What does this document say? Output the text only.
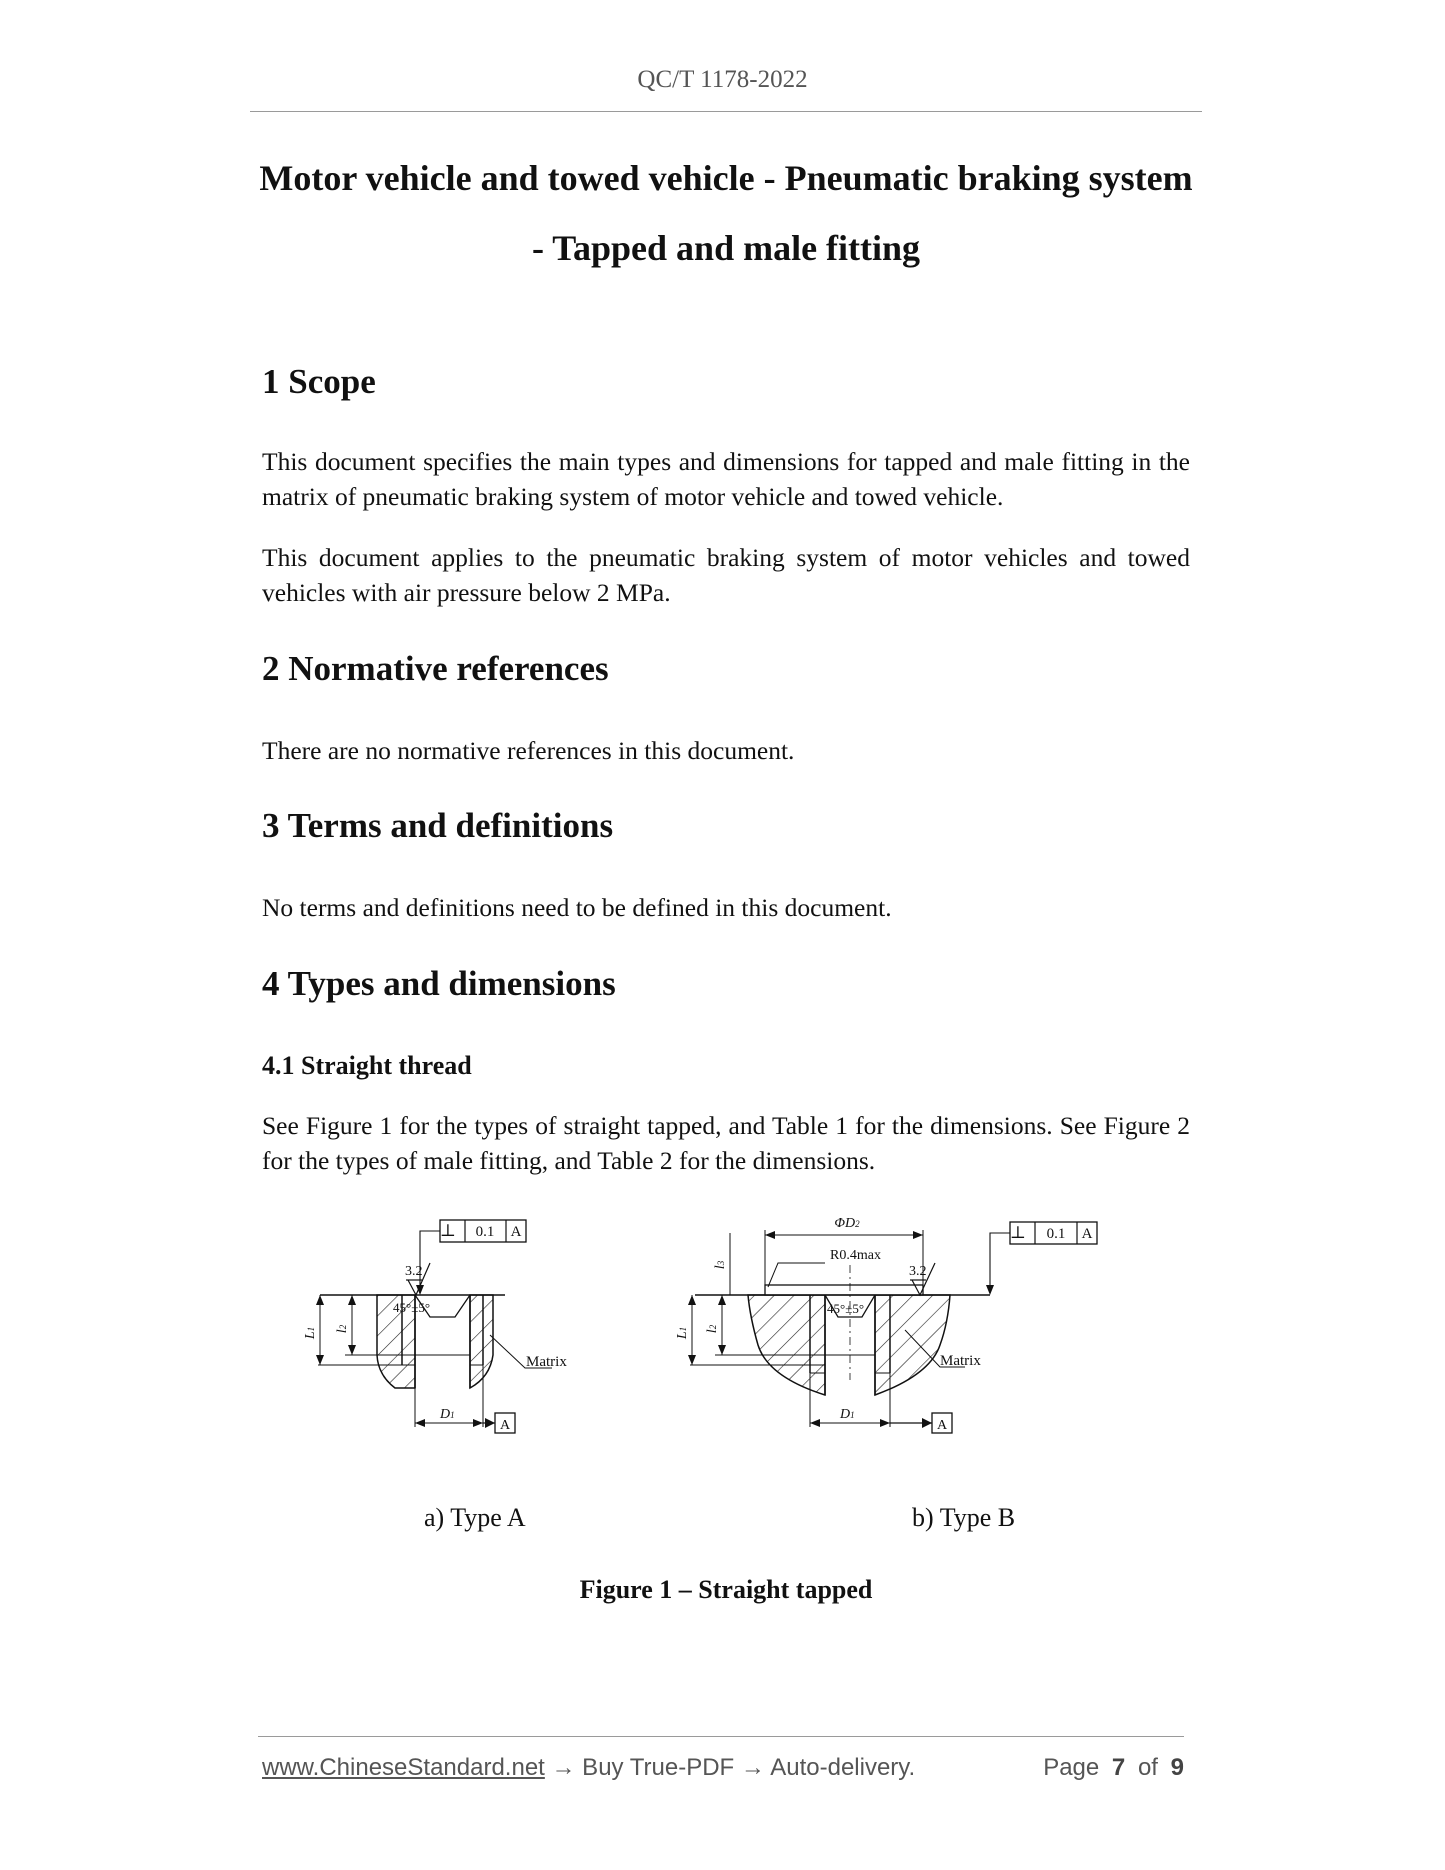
QC/T 1178-2022
Motor vehicle and towed vehicle - Pneumatic braking system
- Tapped and male fitting
1 Scope
This document specifies the main types and dimensions for tapped and male fitting in the matrix of pneumatic braking system of motor vehicle and towed vehicle.
This document applies to the pneumatic braking system of motor vehicles and towed vehicles with air pressure below 2 MPa.
2 Normative references
There are no normative references in this document.
3 Terms and definitions
No terms and definitions need to be defined in this document.
4 Types and dimensions
4.1 Straight thread
See Figure 1 for the types of straight tapped, and Table 1 for the dimensions. See Figure 2 for the types of male fitting, and Table 2 for the dimensions.
⊥ 0.1 A
3.2
45°±5°
Matrix
A
D1
L1 l2
⊥ 0.1 A
ΦD2
R0.4max
3.2
45°±5°
Matrix
A
D1
l3
L1 l2
a) Type A	b) Type B
Figure 1 – Straight tapped
www.ChineseStandard.net → Buy True-PDF → Auto-delivery.	Page 7 of 9
